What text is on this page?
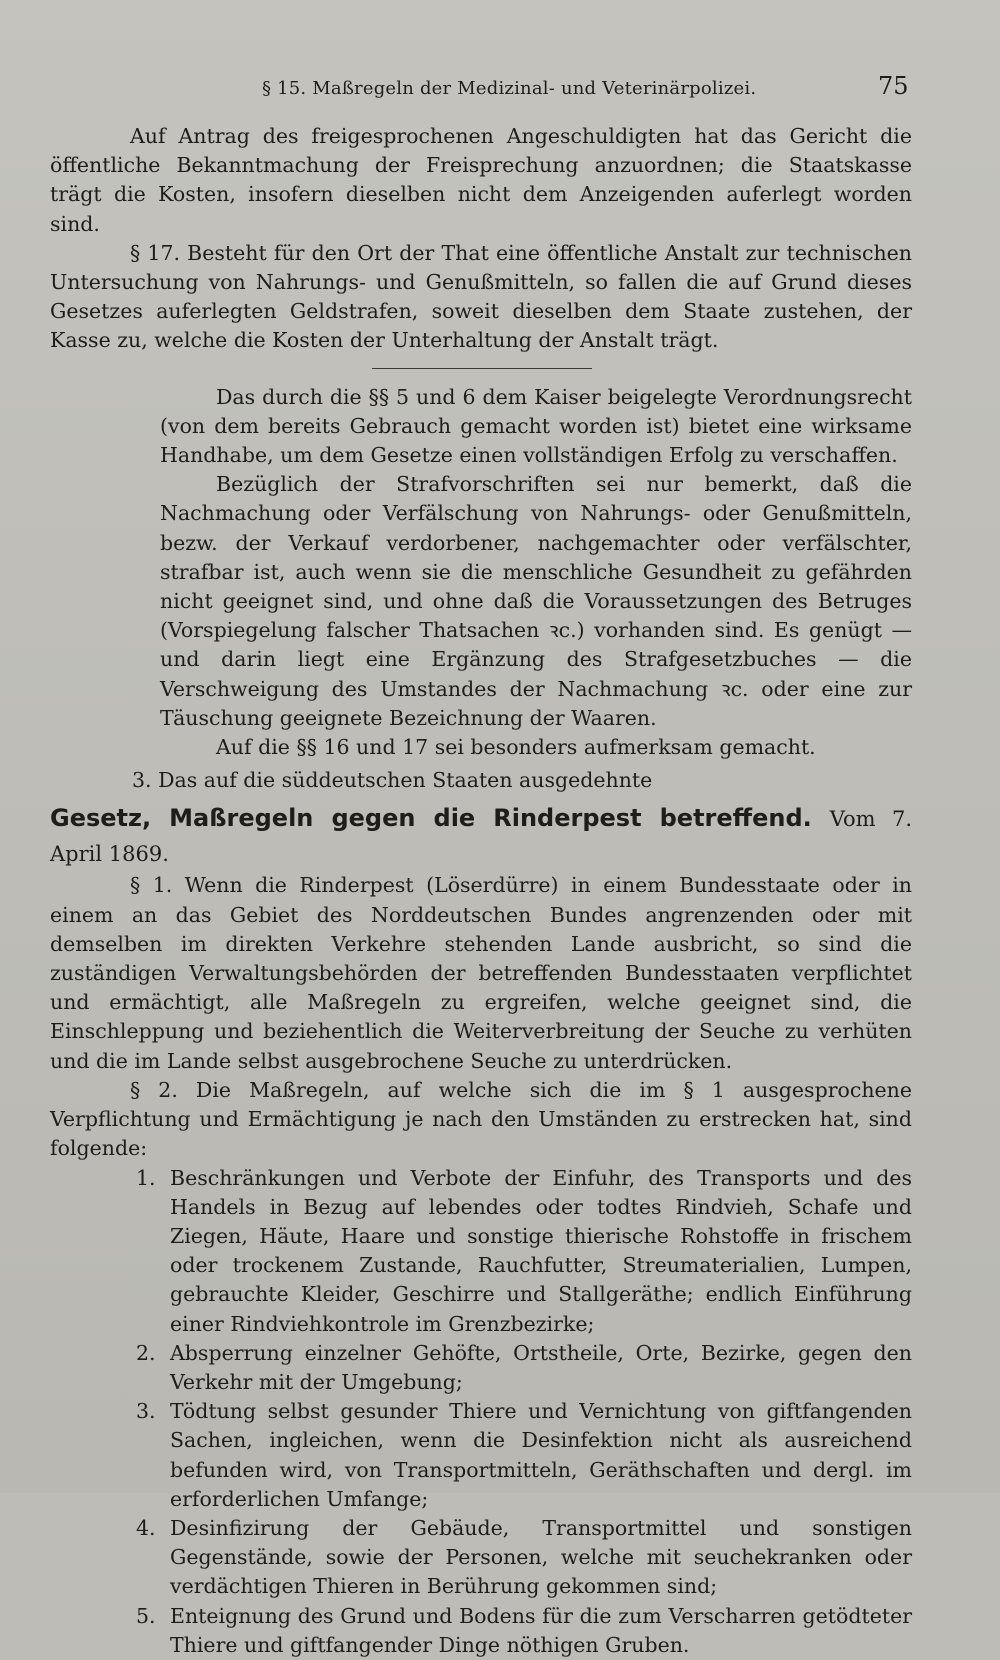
§ 15. Maßregeln der Medizinal- und Veterinärpolizei.	75

Auf Antrag des freigesprochenen Angeschuldigten hat das Gericht die öffentliche Bekanntmachung der Freisprechung anzuordnen; die Staatskasse trägt die Kosten, insofern dieselben nicht dem Anzeigenden auferlegt worden sind.

§ 17. Besteht für den Ort der That eine öffentliche Anstalt zur technischen Untersuchung von Nahrungs- und Genußmitteln, so fallen die auf Grund dieses Gesetzes auferlegten Geldstrafen, soweit dieselben dem Staate zustehen, der Kasse zu, welche die Kosten der Unterhaltung der Anstalt trägt.

Das durch die §§ 5 und 6 dem Kaiser beigelegte Verordnungsrecht (von dem bereits Gebrauch gemacht worden ist) bietet eine wirksame Handhabe, um dem Gesetze einen vollständigen Erfolg zu verschaffen.

Bezüglich der Strafvorschriften sei nur bemerkt, daß die Nachmachung oder Verfälschung von Nahrungs- oder Genußmitteln, bezw. der Verkauf verdorbener, nachgemachter oder verfälschter, strafbar ist, auch wenn sie die menschliche Gesundheit zu gefährden nicht geeignet sind, und ohne daß die Voraussetzungen des Betruges (Vorspiegelung falscher Thatsachen ꝛc.) vorhanden sind. Es genügt — und darin liegt eine Ergänzung des Strafgesetzbuches — die Verschweigung des Umstandes der Nachmachung ꝛc. oder eine zur Täuschung geeignete Bezeichnung der Waaren.

Auf die §§ 16 und 17 sei besonders aufmerksam gemacht.

3. Das auf die süddeutschen Staaten ausgedehnte

Gesetz, Maßregeln gegen die Rinderpest betreffend. Vom 7. April 1869.

§ 1. Wenn die Rinderpest (Löserdürre) in einem Bundesstaate oder in einem an das Gebiet des Norddeutschen Bundes angrenzenden oder mit demselben im direkten Verkehre stehenden Lande ausbricht, so sind die zuständigen Verwaltungsbehörden der betreffenden Bundesstaaten verpflichtet und ermächtigt, alle Maßregeln zu ergreifen, welche geeignet sind, die Einschleppung und beziehentlich die Weiterverbreitung der Seuche zu verhüten und die im Lande selbst ausgebrochene Seuche zu unterdrücken.

§ 2. Die Maßregeln, auf welche sich die im § 1 ausgesprochene Verpflichtung und Ermächtigung je nach den Umständen zu erstrecken hat, sind folgende:

1. Beschränkungen und Verbote der Einfuhr, des Transports und des Handels in Bezug auf lebendes oder todtes Rindvieh, Schafe und Ziegen, Häute, Haare und sonstige thierische Rohstoffe in frischem oder trockenem Zustande, Rauchfutter, Streumaterialien, Lumpen, gebrauchte Kleider, Geschirre und Stallgeräthe; endlich Einführung einer Rindviehkontrole im Grenzbezirke;
2. Absperrung einzelner Gehöfte, Ortstheile, Orte, Bezirke, gegen den Verkehr mit der Umgebung;
3. Tödtung selbst gesunder Thiere und Vernichtung von giftfangenden Sachen, ingleichen, wenn die Desinfektion nicht als ausreichend befunden wird, von Transportmitteln, Geräthschaften und dergl. im erforderlichen Umfange;
4. Desinfizirung der Gebäude, Transportmittel und sonstigen Gegenstände, sowie der Personen, welche mit seuchekranken oder verdächtigen Thieren in Berührung gekommen sind;
5. Enteignung des Grund und Bodens für die zum Verscharren getödteter Thiere und giftfangender Dinge nöthigen Gruben.
